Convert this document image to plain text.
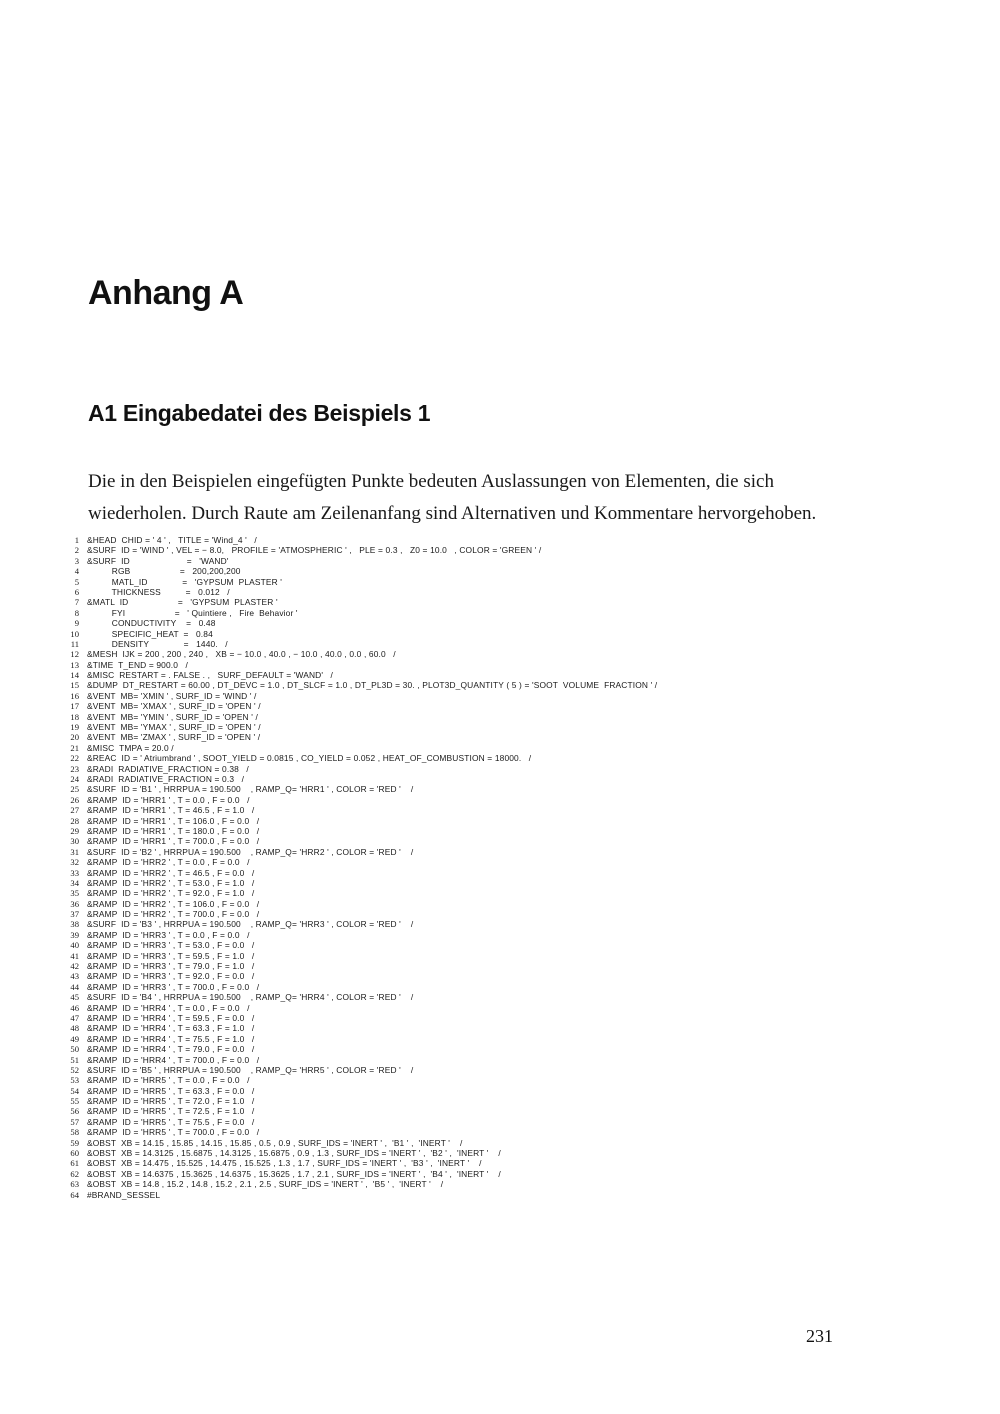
Anhang A
A1 Eingabedatei des Beispiels 1

Die in den Beispielen eingefügten Punkte bedeuten Auslassungen von Elementen, die sich wiederholen. Durch Raute am Zeilenanfang sind Alternativen und Kommentare hervorgehoben.

1 &HEAD  CHID = ' 4 ' ,   TITLE = 'Wind_4 '   /
2 &SURF  ID = 'WIND ' , VEL = − 8.0,   PROFILE = 'ATMOSPHERIC ' ,   PLE = 0.3 ,   Z0 = 10.0   , COLOR = 'GREEN ' /
3 &SURF  ID                       =   'WAND'
4 RGB                    =   200,200,200
5 MATL_ID              =   'GYPSUM  PLASTER '
6 THICKNESS          =   0.012   /
7 &MATL  ID                    =   'GYPSUM  PLASTER '
8 FYI                    =   ' Quintiere ,   Fire  Behavior '
9 CONDUCTIVITY    =   0.48
10 SPECIFIC_HEAT  =   0.84
11 DENSITY              =   1440.   /
12 &MESH  IJK = 200 , 200 , 240 ,   XB = − 10.0 , 40.0 , − 10.0 , 40.0 , 0.0 , 60.0   /
13 &TIME  T_END = 900.0   /
14 &MISC  RESTART = . FALSE . ,   SURF_DEFAULT = 'WAND'   /
15 &DUMP  DT_RESTART = 60.00 , DT_DEVC = 1.0 , DT_SLCF = 1.0 , DT_PL3D = 30. , PLOT3D_QUANTITY ( 5 ) = 'SOOT  VOLUME  FRACTION ' /
16 &VENT  MB= 'XMIN ' , SURF_ID = 'WIND ' /
17 &VENT  MB= 'XMAX ' , SURF_ID = 'OPEN ' /
18 &VENT  MB= 'YMIN ' , SURF_ID = 'OPEN ' /
19 &VENT  MB= 'YMAX ' , SURF_ID = 'OPEN ' /
20 &VENT  MB= 'ZMAX ' , SURF_ID = 'OPEN ' /
21 &MISC  TMPA = 20.0 /
22 &REAC  ID = ' Atriumbrand ' , SOOT_YIELD = 0.0815 , CO_YIELD = 0.052 , HEAT_OF_COMBUSTION = 18000.   /
23 &RADI  RADIATIVE_FRACTION = 0.38   /
24 &RADI  RADIATIVE_FRACTION = 0.3   /
25 &SURF  ID = 'B1 ' , HRRPUA = 190.500    , RAMP_Q= 'HRR1 ' , COLOR = 'RED '    /
26 &RAMP  ID = 'HRR1 ' , T = 0.0 , F = 0.0   /
27 &RAMP  ID = 'HRR1 ' , T = 46.5 , F = 1.0   /
28 &RAMP  ID = 'HRR1 ' , T = 106.0 , F = 0.0   /
29 &RAMP  ID = 'HRR1 ' , T = 180.0 , F = 0.0   /
30 &RAMP  ID = 'HRR1 ' , T = 700.0 , F = 0.0   /
31 &SURF  ID = 'B2 ' , HRRPUA = 190.500    , RAMP_Q= 'HRR2 ' , COLOR = 'RED '    /
32 &RAMP  ID = 'HRR2 ' , T = 0.0 , F = 0.0   /
33 &RAMP  ID = 'HRR2 ' , T = 46.5 , F = 0.0   /
34 &RAMP  ID = 'HRR2 ' , T = 53.0 , F = 1.0   /
35 &RAMP  ID = 'HRR2 ' , T = 92.0 , F = 1.0   /
36 &RAMP  ID = 'HRR2 ' , T = 106.0 , F = 0.0   /
37 &RAMP  ID = 'HRR2 ' , T = 700.0 , F = 0.0   /
38 &SURF  ID = 'B3 ' , HRRPUA = 190.500    , RAMP_Q= 'HRR3 ' , COLOR = 'RED '    /
39 &RAMP  ID = 'HRR3 ' , T = 0.0 , F = 0.0   /
40 &RAMP  ID = 'HRR3 ' , T = 53.0 , F = 0.0   /
41 &RAMP  ID = 'HRR3 ' , T = 59.5 , F = 1.0   /
42 &RAMP  ID = 'HRR3 ' , T = 79.0 , F = 1.0   /
43 &RAMP  ID = 'HRR3 ' , T = 92.0 , F = 0.0   /
44 &RAMP  ID = 'HRR3 ' , T = 700.0 , F = 0.0   /
45 &SURF  ID = 'B4 ' , HRRPUA = 190.500    , RAMP_Q= 'HRR4 ' , COLOR = 'RED '    /
46 &RAMP  ID = 'HRR4 ' , T = 0.0 , F = 0.0   /
47 &RAMP  ID = 'HRR4 ' , T = 59.5 , F = 0.0   /
48 &RAMP  ID = 'HRR4 ' , T = 63.3 , F = 1.0   /
49 &RAMP  ID = 'HRR4 ' , T = 75.5 , F = 1.0   /
50 &RAMP  ID = 'HRR4 ' , T = 79.0 , F = 0.0   /
51 &RAMP  ID = 'HRR4 ' , T = 700.0 , F = 0.0   /
52 &SURF  ID = 'B5 ' , HRRPUA = 190.500    , RAMP_Q= 'HRR5 ' , COLOR = 'RED '    /
53 &RAMP  ID = 'HRR5 ' , T = 0.0 , F = 0.0   /
54 &RAMP  ID = 'HRR5 ' , T = 63.3 , F = 0.0   /
55 &RAMP  ID = 'HRR5 ' , T = 72.0 , F = 1.0   /
56 &RAMP  ID = 'HRR5 ' , T = 72.5 , F = 1.0   /
57 &RAMP  ID = 'HRR5 ' , T = 75.5 , F = 0.0   /
58 &RAMP  ID = 'HRR5 ' , T = 700.0 , F = 0.0   /
59 &OBST  XB = 14.15 , 15.85 , 14.15 , 15.85 , 0.5 , 0.9 , SURF_IDS = 'INERT ' ,  'B1 ' ,  'INERT '    /
60 &OBST  XB = 14.3125 , 15.6875 , 14.3125 , 15.6875 , 0.9 , 1.3 , SURF_IDS = 'INERT ' ,  'B2 ' ,  'INERT '    /
61 &OBST  XB = 14.475 , 15.525 , 14.475 , 15.525 , 1.3 , 1.7 , SURF_IDS = 'INERT ' ,  'B3 ' ,  'INERT '    /
62 &OBST  XB = 14.6375 , 15.3625 , 14.6375 , 15.3625 , 1.7 , 2.1 , SURF_IDS = 'INERT ' ,  'B4 ' ,  'INERT '    /
63 &OBST  XB = 14.8 , 15.2 , 14.8 , 15.2 , 2.1 , 2.5 , SURF_IDS = 'INERT ' ,  'B5 ' ,  'INERT '    /
64 #BRAND_SESSEL
231
